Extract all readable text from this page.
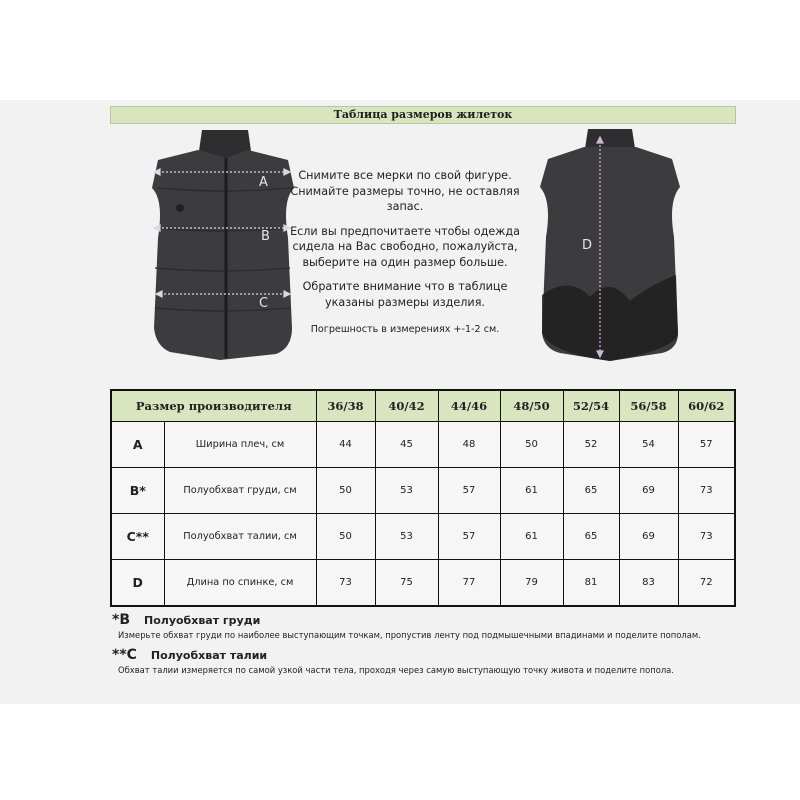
Таблица размеров жилеток
A
B
C

Снимите все мерки по свой фигуре. Снимайте размеры точно, не оставляя запас.

Если вы предпочитаете чтобы одежда сидела на Вас свободно, пожалуйста, выберите на один размер больше.

Обратите внимание что в таблице указаны размеры изделия.

Погрешность в измерениях +-1-2 см.

D
Размер производителя		36/38	40/42	44/46	48/50	52/54	56/58	60/62
A	Ширина плеч, см	44	45	48	50	52	54	57
B*	Полуобхват груди, см	50	53	57	61	65	69	73
C**	Полуобхват талии, см	50	53	57	61	65	69	73
D	Длина по спинке, см	73	75	77	79	81	83	72
*B Полуобхват груди
Измерьте обхват груди по наиболее выступающим точкам, пропустив ленту под подмышечными впадинами и поделите пополам.
**C Полуобхват талии
Обхват талии измеряется по самой узкой части тела, проходя через самую выступающую точку живота и поделите попола.
